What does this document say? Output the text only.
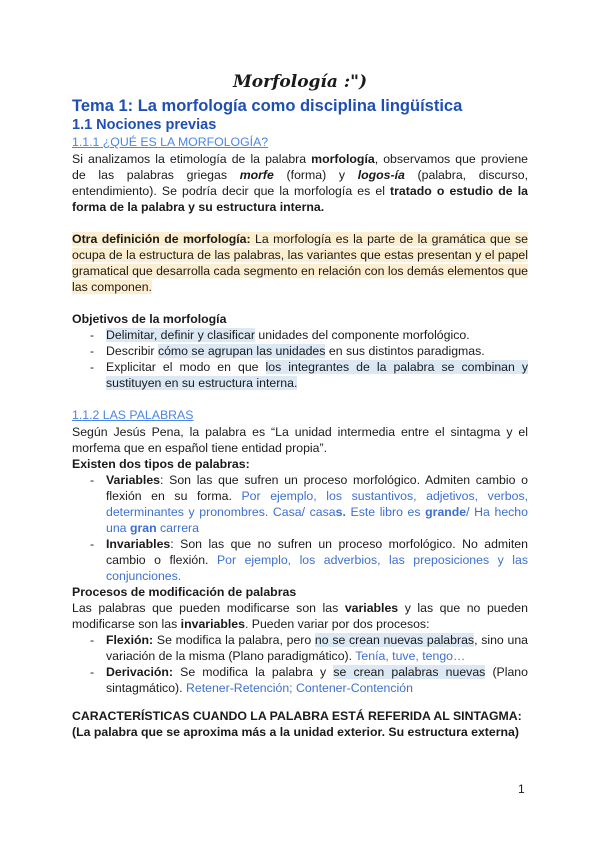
Morfología :")
Tema 1: La morfología como disciplina lingüística
1.1 Nociones previas
1.1.1 ¿QUÉ ES LA MORFOLOGÍA?
Si analizamos la etimología de la palabra morfología, observamos que proviene de las palabras griegas morfe (forma) y logos-ía (palabra, discurso, entendimiento). Se podría decir que la morfología es el tratado o estudio de la forma de la palabra y su estructura interna.
Otra definición de morfología: La morfología es la parte de la gramática que se ocupa de la estructura de las palabras, las variantes que estas presentan y el papel gramatical que desarrolla cada segmento en relación con los demás elementos que las componen.
Objetivos de la morfología
- Delimitar, definir y clasificar unidades del componente morfológico.
- Describir cómo se agrupan las unidades en sus distintos paradigmas.
- Explicitar el modo en que los integrantes de la palabra se combinan y sustituyen en su estructura interna.
1.1.2 LAS PALABRAS
Según Jesús Pena, la palabra es “La unidad intermedia entre el sintagma y el morfema que en español tiene entidad propia”.
Existen dos tipos de palabras:
- Variables: Son las que sufren un proceso morfológico. Admiten cambio o flexión en su forma. Por ejemplo, los sustantivos, adjetivos, verbos, determinantes y pronombres. Casa/ casas. Este libro es grande/ Ha hecho una gran carrera
- Invariables: Son las que no sufren un proceso morfológico. No admiten cambio o flexión. Por ejemplo, los adverbios, las preposiciones y las conjunciones.
Procesos de modificación de palabras
Las palabras que pueden modificarse son las variables y las que no pueden modificarse son las invariables. Pueden variar por dos procesos:
- Flexión: Se modifica la palabra, pero no se crean nuevas palabras, sino una variación de la misma (Plano paradigmático). Tenía, tuve, tengo…
- Derivación: Se modifica la palabra y se crean palabras nuevas (Plano sintagmático). Retener-Retención; Contener-Contención
CARACTERÍSTICAS CUANDO LA PALABRA ESTÁ REFERIDA AL SINTAGMA:
(La palabra que se aproxima más a la unidad exterior. Su estructura externa)
1
